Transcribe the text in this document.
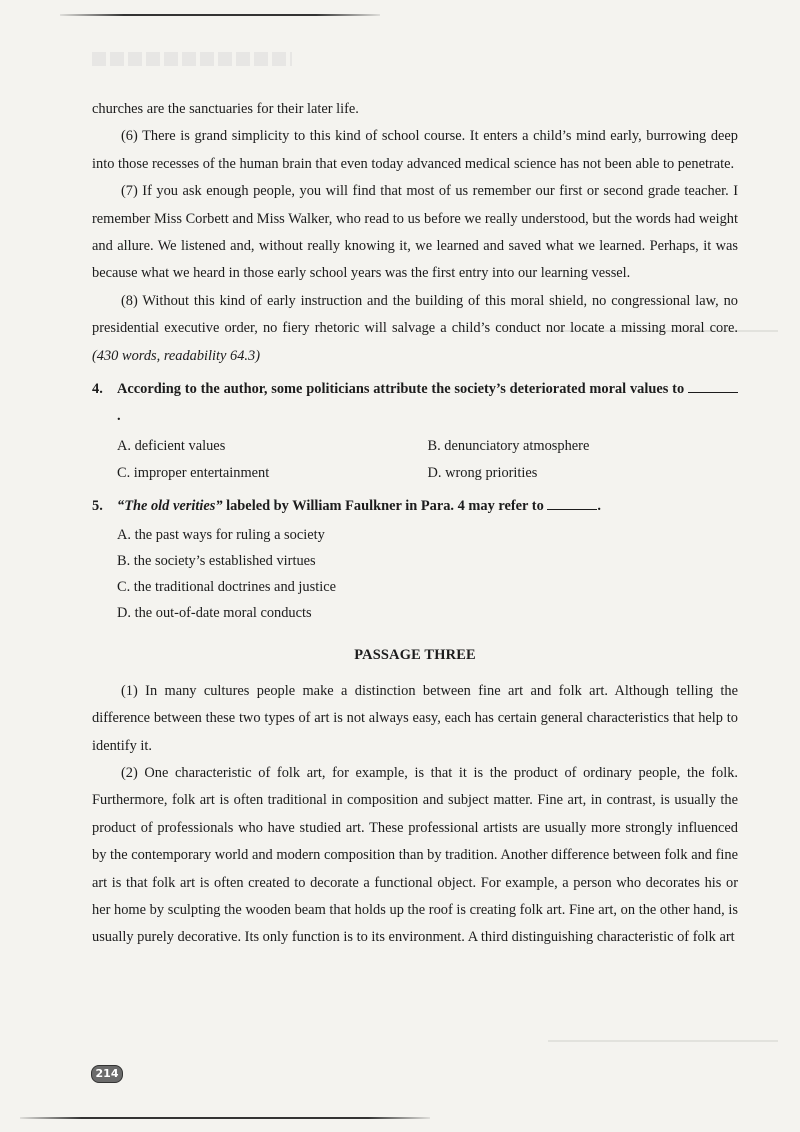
churches are the sanctuaries for their later life.

(6) There is grand simplicity to this kind of school course. It enters a child’s mind early, burrowing deep into those recesses of the human brain that even today advanced medical science has not been able to penetrate.

(7) If you ask enough people, you will find that most of us remember our first or second grade teacher. I remember Miss Corbett and Miss Walker, who read to us before we really understood, but the words had weight and allure. We listened and, without really knowing it, we learned and saved what we learned. Perhaps, it was because what we heard in those early school years was the first entry into our learning vessel.

(8) Without this kind of early instruction and the building of this moral shield, no congressional law, no presidential executive order, no fiery rhetoric will salvage a child’s conduct nor locate a missing moral core. (430 words, readability 64.3)

4. According to the author, some politicians attribute the society’s deteriorated moral values to .
A. deficient values	B. denunciatory atmosphere
C. improper entertainment	D. wrong priorities
5. “The old verities” labeled by William Faulkner in Para. 4 may refer to	.
A. the past ways for ruling a society
B. the society’s established virtues
C. the traditional doctrines and justice
D. the out-of-date moral conducts
PASSAGE THREE

(1) In many cultures people make a distinction between fine art and folk art. Although telling the difference between these two types of art is not always easy, each has certain general characteristics that help to identify it.

(2) One characteristic of folk art, for example, is that it is the product of ordinary people, the folk. Furthermore, folk art is often traditional in composition and subject matter. Fine art, in contrast, is usually the product of professionals who have studied art. These professional artists are usually more strongly influenced by the contemporary world and modern composition than by tradition. Another difference between folk and fine art is that folk art is often created to decorate a functional object. For example, a person who decorates his or her home by sculpting the wooden beam that holds up the roof is creating folk art. Fine art, on the other hand, is usually purely decorative. Its only function is to its environment. A third distinguishing characteristic of folk art

214
